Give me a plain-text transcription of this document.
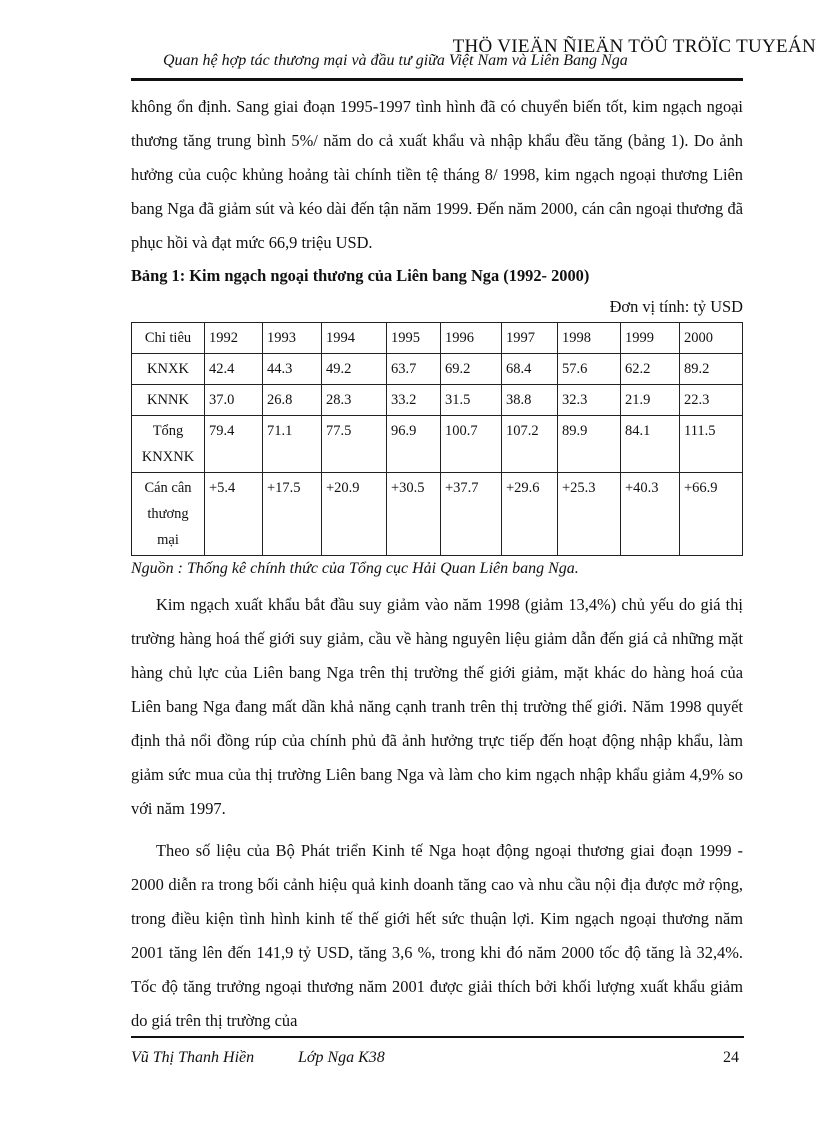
THÖ VIEÄN ÑIEÄN TÖÛ TRÖÏC TUYEÁN
Quan hệ hợp tác thương mại và đầu tư giữa Việt Nam và Liên Bang Nga

không ổn định. Sang giai đoạn 1995-1997 tình hình đã có chuyển biến tốt, kim ngạch ngoại thương tăng trung bình 5%/ năm do cả xuất khẩu và nhập khẩu đều tăng (bảng 1). Do ảnh hưởng của cuộc khủng hoảng tài chính tiền tệ tháng 8/ 1998, kim ngạch ngoại thương Liên bang Nga đã giảm sút và kéo dài đến tận năm 1999. Đến năm 2000, cán cân ngoại thương đã phục hồi và đạt mức 66,9 triệu USD.

Bảng 1: Kim ngạch ngoại thương của Liên bang Nga (1992- 2000)

Đơn vị tính: tỷ USD

Chỉ tiêu	1992	1993	1994	1995	1996	1997	1998	1999	2000
KNXK	42.4	44.3	49.2	63.7	69.2	68.4	57.6	62.2	89.2
KNNK	37.0	26.8	28.3	33.2	31.5	38.8	32.3	21.9	22.3
Tổng KNXNK	79.4	71.1	77.5	96.9	100.7	107.2	89.9	84.1	111.5
Cán cân thương mại	+5.4	+17.5	+20.9	+30.5	+37.7	+29.6	+25.3	+40.3	+66.9

Nguồn : Thống kê chính thức của Tổng cục Hải Quan Liên bang Nga.

Kim ngạch xuất khẩu bắt đầu suy giảm vào năm 1998 (giảm 13,4%) chủ yếu do giá thị trường hàng hoá thế giới suy giảm, cầu về hàng nguyên liệu giảm dẫn đến giá cả những mặt hàng chủ lực của Liên bang Nga trên thị trường thế giới giảm, mặt khác do hàng hoá của Liên bang Nga đang mất dần khả năng cạnh tranh trên thị trường thế giới. Năm 1998 quyết định thả nổi đồng rúp của chính phủ đã ảnh hưởng trực tiếp đến hoạt động nhập khẩu, làm giảm sức mua của thị trường Liên bang Nga và làm cho kim ngạch nhập khẩu giảm 4,9% so với năm 1997.

Theo số liệu của Bộ Phát triển Kinh tế Nga hoạt động ngoại thương giai đoạn 1999 - 2000 diễn ra trong bối cảnh hiệu quả kinh doanh tăng cao và nhu cầu nội địa được mở rộng, trong điều kiện tình hình kinh tế thế giới hết sức thuận lợi. Kim ngạch ngoại thương năm 2001 tăng lên đến 141,9 tỷ USD, tăng 3,6 %, trong khi đó năm 2000 tốc độ tăng là 32,4%. Tốc độ tăng trưởng ngoại thương năm 2001 được giải thích bởi khối lượng xuất khẩu giảm do giá trên thị trường của

Vũ Thị Thanh Hiền	Lớp Nga K38	24
